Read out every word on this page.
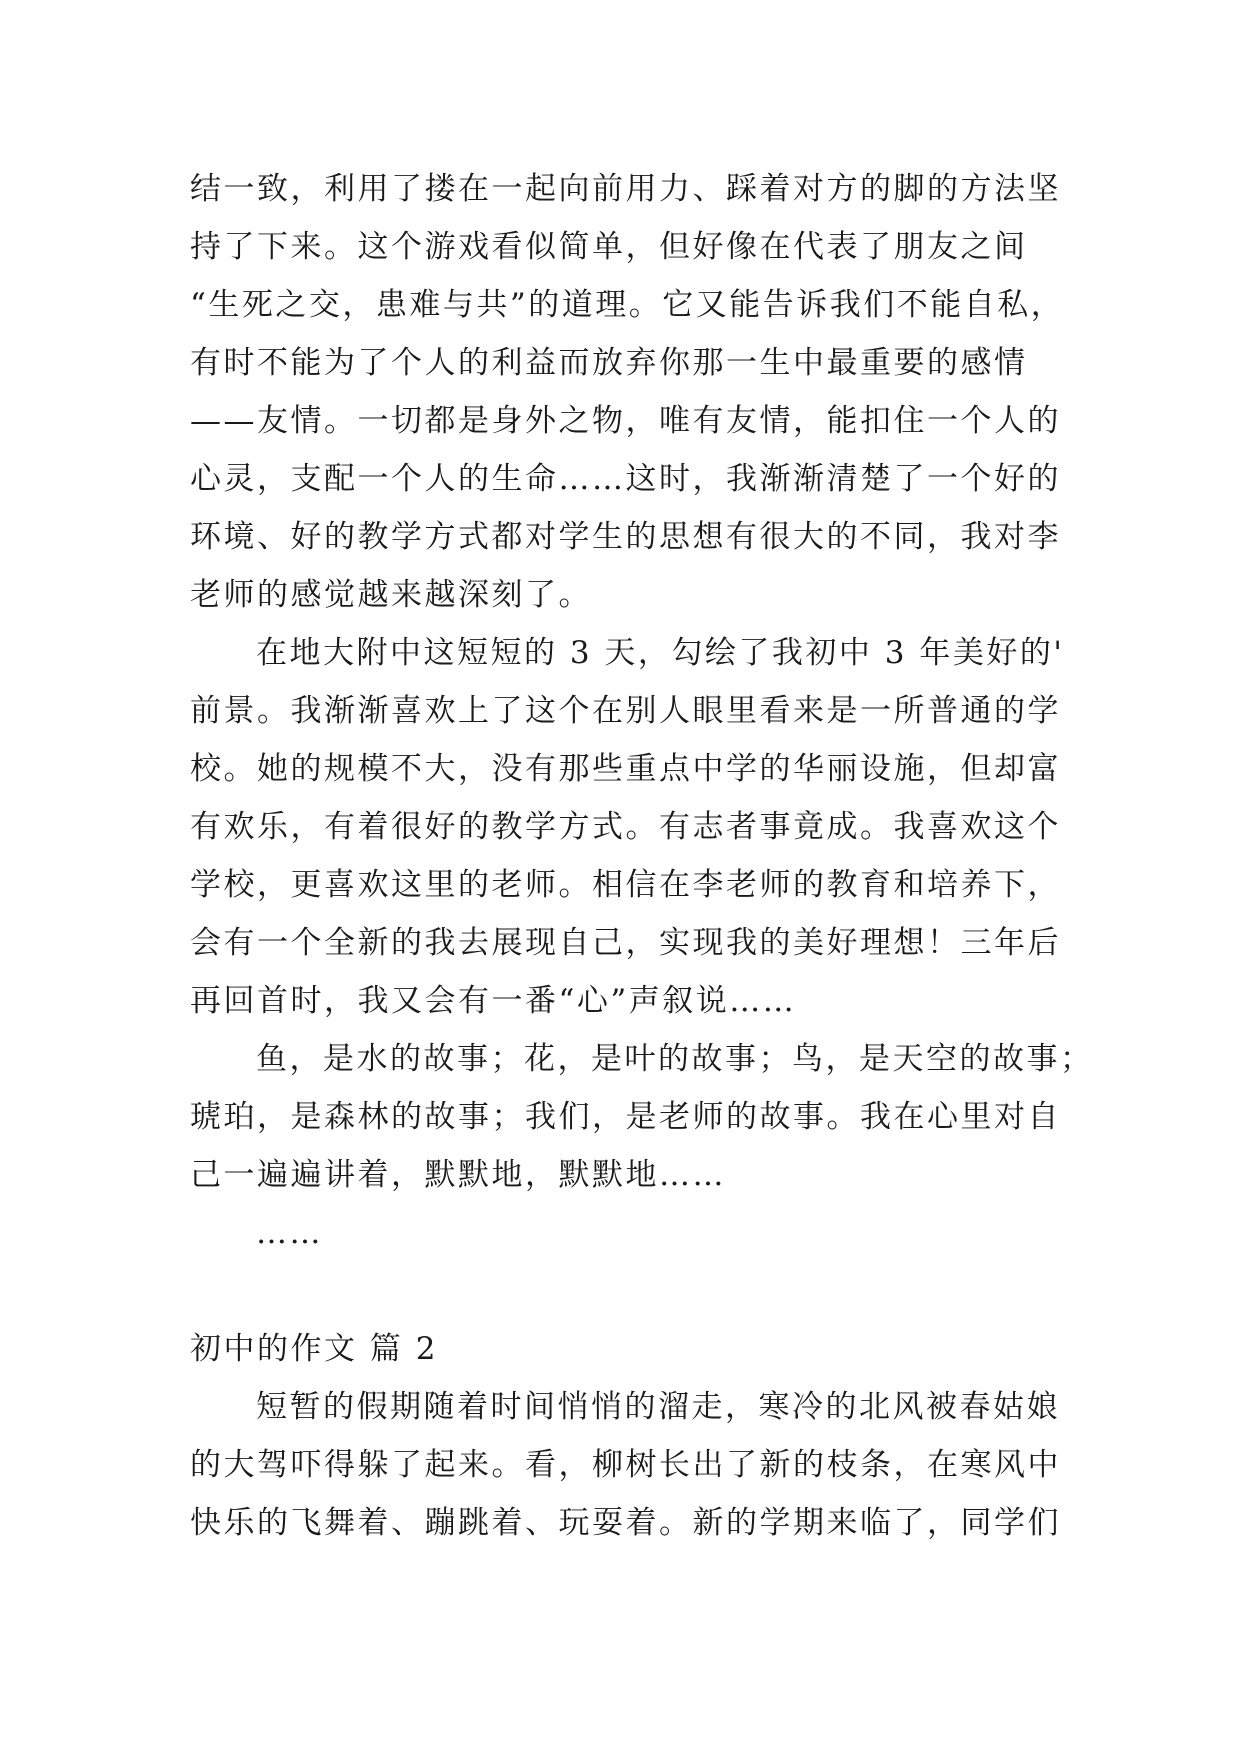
结一致，利用了搂在一起向前用力、踩着对方的脚的方法坚
持了下来。这个游戏看似简单，但好像在代表了朋友之间
“生死之交，患难与共”的道理。它又能告诉我们不能自私，
有时不能为了个人的利益而放弃你那一生中最重要的感情
——友情。一切都是身外之物，唯有友情，能扣住一个人的
心灵，支配一个人的生命……这时，我渐渐清楚了一个好的
环境、好的教学方式都对学生的思想有很大的不同，我对李
老师的感觉越来越深刻了。
在地大附中这短短的 3 天，勾绘了我初中 3 年美好的'
前景。我渐渐喜欢上了这个在别人眼里看来是一所普通的学
校。她的规模不大，没有那些重点中学的华丽设施，但却富
有欢乐，有着很好的教学方式。有志者事竟成。我喜欢这个
学校，更喜欢这里的老师。相信在李老师的教育和培养下，
会有一个全新的我去展现自己，实现我的美好理想！三年后
再回首时，我又会有一番“心”声叙说……
鱼，是水的故事；花，是叶的故事；鸟，是天空的故事；
琥珀，是森林的故事；我们，是老师的故事。我在心里对自
己一遍遍讲着，默默地，默默地……
……
初中的作文 篇 2
短暂的假期随着时间悄悄的溜走，寒冷的北风被春姑娘
的大驾吓得躲了起来。看，柳树长出了新的枝条，在寒风中
快乐的飞舞着、蹦跳着、玩耍着。新的学期来临了，同学们
